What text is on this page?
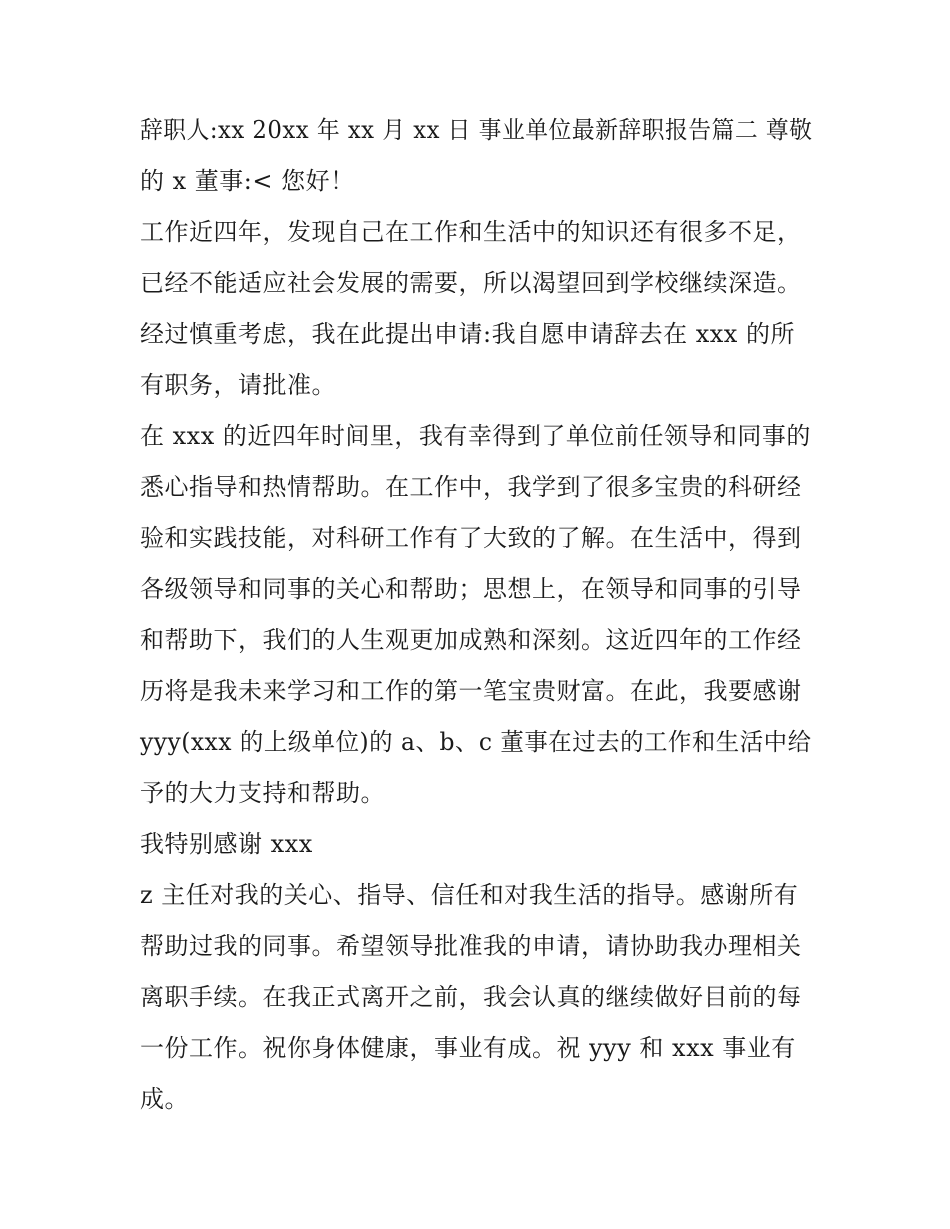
辞职人:xx 20xx 年 xx 月 xx 日 事业单位最新辞职报告篇二 尊敬
的 x 董事:< 您好！
工作近四年，发现自己在工作和生活中的知识还有很多不足，
已经不能适应社会发展的需要，所以渴望回到学校继续深造。
经过慎重考虑，我在此提出申请:我自愿申请辞去在 xxx 的所
有职务，请批准。
在 xxx 的近四年时间里，我有幸得到了单位前任领导和同事的
悉心指导和热情帮助。在工作中，我学到了很多宝贵的科研经
验和实践技能，对科研工作有了大致的了解。在生活中，得到
各级领导和同事的关心和帮助；思想上，在领导和同事的引导
和帮助下，我们的人生观更加成熟和深刻。这近四年的工作经
历将是我未来学习和工作的第一笔宝贵财富。在此，我要感谢
yyy(xxx 的上级单位)的 a、b、c 董事在过去的工作和生活中给
予的大力支持和帮助。
我特别感谢 xxx
z 主任对我的关心、指导、信任和对我生活的指导。感谢所有
帮助过我的同事。希望领导批准我的申请，请协助我办理相关
离职手续。在我正式离开之前，我会认真的继续做好目前的每
一份工作。祝你身体健康，事业有成。祝 yyy 和 xxx 事业有
成。
